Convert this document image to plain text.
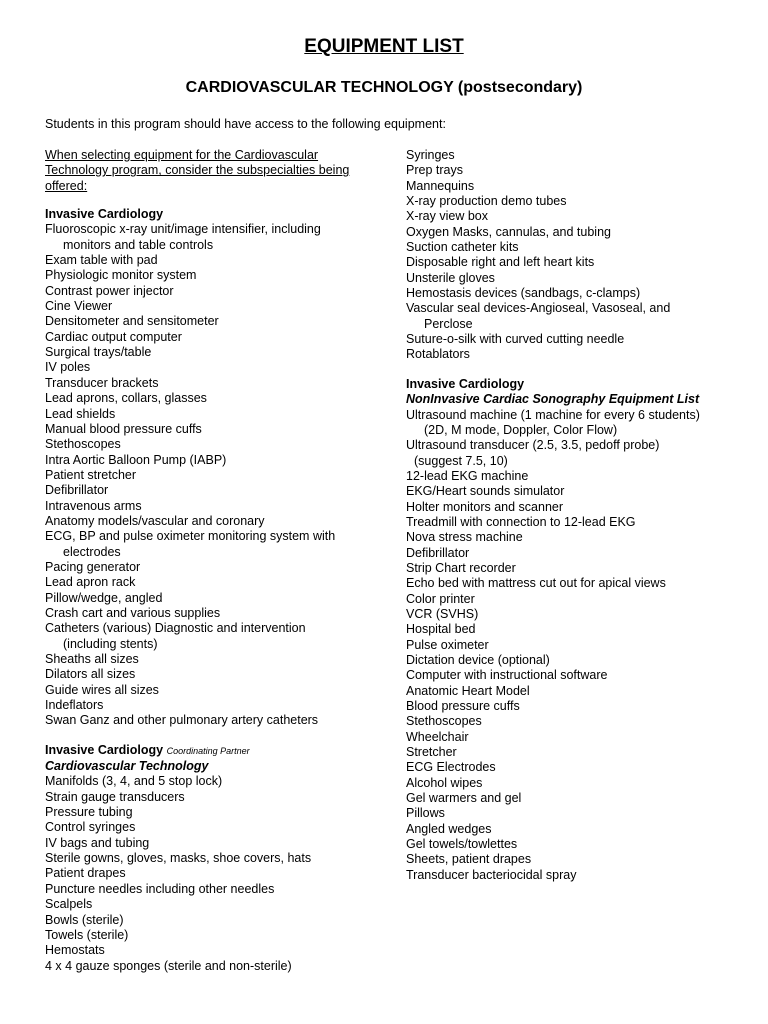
EQUIPMENT LIST
CARDIOVASCULAR TECHNOLOGY (postsecondary)
Students in this program should have access to the following equipment:
When selecting equipment for the Cardiovascular Technology program, consider the subspecialties being offered:
Invasive Cardiology
Fluoroscopic x-ray unit/image intensifier, including
monitors and table controls
Exam table with pad
Physiologic monitor system
Contrast power injector
Cine Viewer
Densitometer and sensitometer
Cardiac output computer
Surgical trays/table
IV poles
Transducer brackets
Lead aprons, collars, glasses
Lead shields
Manual blood pressure cuffs
Stethoscopes
Intra Aortic Balloon Pump (IABP)
Patient stretcher
Defibrillator
Intravenous arms
Anatomy models/vascular and coronary
ECG, BP and pulse oximeter monitoring system with
electrodes
Pacing generator
Lead apron rack
Pillow/wedge, angled
Crash cart and various supplies
Catheters (various) Diagnostic and intervention
(including stents)
Sheaths all sizes
Dilators all sizes
Guide wires all sizes
Indeflators
Swan Ganz and other pulmonary artery catheters
Invasive Cardiology Coordinating Partner
Cardiovascular Technology
Manifolds (3, 4, and 5 stop lock)
Strain gauge transducers
Pressure tubing
Control syringes
IV bags and tubing
Sterile gowns, gloves, masks, shoe covers, hats
Patient drapes
Puncture needles including other needles
Scalpels
Bowls (sterile)
Towels (sterile)
Hemostats
4 x 4 gauze sponges (sterile and non-sterile)
Syringes
Prep trays
Mannequins
X-ray production demo tubes
X-ray view box
Oxygen Masks, cannulas, and tubing
Suction catheter kits
Disposable right and left heart kits
Unsterile gloves
Hemostasis devices (sandbags, c-clamps)
Vascular seal devices-Angioseal, Vasoseal, and
Perclose
Suture-o-silk with curved cutting needle
Rotablators
Invasive Cardiology
NonInvasive Cardiac Sonography Equipment List
Ultrasound machine (1 machine for every 6 students)
(2D, M mode, Doppler, Color Flow)
Ultrasound transducer (2.5, 3.5, pedoff probe)
(suggest 7.5, 10)
12-lead EKG machine
EKG/Heart sounds simulator
Holter monitors and scanner
Treadmill with connection to 12-lead EKG
Nova stress machine
Defibrillator
Strip Chart recorder
Echo bed with mattress cut out for apical views
Color printer
VCR (SVHS)
Hospital bed
Pulse oximeter
Dictation device (optional)
Computer with instructional software
Anatomic Heart Model
Blood pressure cuffs
Stethoscopes
Wheelchair
Stretcher
ECG Electrodes
Alcohol wipes
Gel warmers and gel
Pillows
Angled wedges
Gel towels/towlettes
Sheets, patient drapes
Transducer bacteriocidal spray
